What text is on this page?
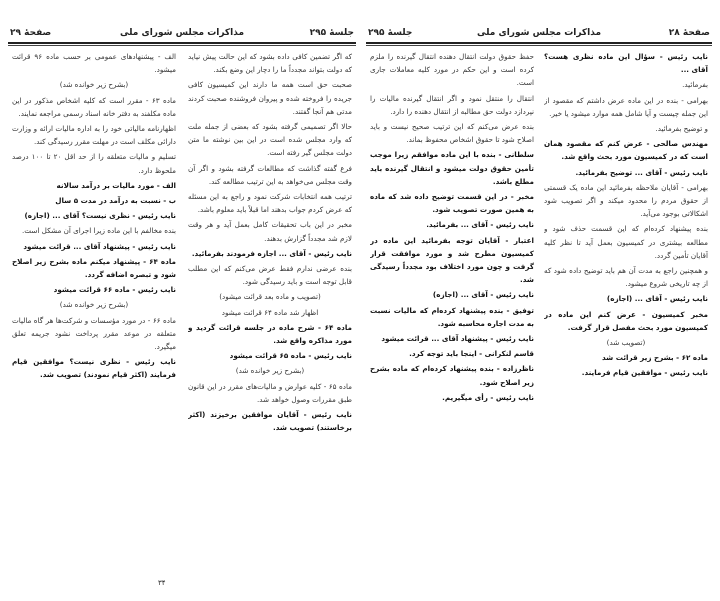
جلسهٔ ۲۹۵
مذاکرات مجلس شورای ملی
صفحهٔ ۲۹

که اگر تضمین کافی داده بشود که این حالت پیش نیاید که دولت بتواند مجدداً ما را دچار این وضع بکند.

صحبت حق است همه ما دارند این کمیسیون کافی جریده را فروخته شده و پیروان فروشنده صحبت کردند مدتی هم آنجا گفتند.

حالا اگر تصمیمی گرفته بشود که بعضی از جمله ملت که وارد مجلس شده است در این بین نوشته ما متن دولت مجلس گیر رفته است.

فرع گفته گذاشت که مطالعات گرفته بشود و اگر آن وقت مجلس می‌خواهد به این ترتیب مطالعه کند.

ترتیب همه انتخابات شرکت نمود و راجع به این مسئله که عرض کردم جواب بدهند اما قبلاً باید معلوم باشد.

مخبر در این باب تحقیقات کامل بعمل آید و هر وقت لازم شد مجدداً گزارش بدهند.

نایب رئیس - آقای ... اجازه فرمودند بفرمائید.

بنده عرضی ندارم فقط عرض می‌کنم که این مطلب قابل توجه است و باید رسیدگی شود.

(تصویب و ماده بعد قرائت میشود)

اظهار شد ماده ۶۴ قرائت میشود

ماده ۶۴ - شرح ماده در جلسه قرائت گردید و مورد مذاکره واقع شد.

نایب رئیس - ماده ۶۵ قرائت میشود

(بشرح زیر خوانده شد)

ماده ۶۵ - کلیه عوارض و مالیات‌های مقرر در این قانون طبق مقررات وصول خواهد شد.

نایب رئیس - آقایان موافقین برخیزند (اکثر برخاستند) تصویب شد.

الف - پیشنهادهای عمومی بر حسب ماده ۹۶ قرائت میشود.

(بشرح زیر خوانده شد)

ماده ۶۳ - مقرر است که کلیه اشخاص مذکور در این ماده مکلفند به دفتر خانه اسناد رسمی مراجعه نمایند.

اظهارنامه مالیاتی خود را به اداره مالیات ارائه و وزارت دارائی مکلف است در مهلت مقرر رسیدگی کند.

تسلیم و مالیات متعلقه را از حد اقل ۲۰ تا ۱۰۰ درصد ملحوظ دارد.

الف - مورد مالیات بر درآمد سالانه

ب - نسبت به درآمد در مدت ۵ سال

نایب رئیس - نظری نیست؟ آقای ... (اجازه)

بنده مخالفم با این ماده زیرا اجرای آن مشکل است.

نایب رئیس - پیشنهاد آقای ... قرائت میشود

ماده ۶۴ - پیشنهاد میکنم ماده بشرح زیر اصلاح شود و تبصره اضافه گردد.

نایب رئیس - ماده ۶۶ قرائت میشود

(بشرح زیر خوانده شد)

ماده ۶۶ - در مورد مؤسسات و شرکت‌ها هر گاه مالیات متعلقه در موعد مقرر پرداخت نشود جریمه تعلق میگیرد.

نایب رئیس - نظری نیست؟ موافقین قیام فرمایند (اکثر قیام نمودند) تصویب شد.

۳۴
جلسهٔ ۲۹۵	مذاکرات مجلس شورای ملی	صفحهٔ ۲۸

نایب رئیس - سؤال این ماده نظری هست؟ آقای ...

بفرمائید.

بهرامی - بنده در این ماده عرض داشتم که مقصود از این جمله چیست و آیا شامل همه موارد میشود یا خیر.

و توضیح بفرمائید.

مهندس صالحی - عرض کنم که مقصود همان است که در کمیسیون مورد بحث واقع شد.

نایب رئیس - آقای ... توضیح بفرمائید.

بهرامی - آقایان ملاحظه بفرمائید این ماده یک قسمتی از حقوق مردم را محدود میکند و اگر تصویب شود اشکالاتی بوجود می‌آید.

بنده پیشنهاد کرده‌ام که این قسمت حذف شود و مطالعه بیشتری در کمیسیون بعمل آید تا نظر کلیه آقایان تأمین گردد.

و همچنین راجع به مدت آن هم باید توضیح داده شود که از چه تاریخی شروع میشود.

نایب رئیس - آقای ... (اجازه)

مخبر کمیسیون - عرض کنم این ماده در کمیسیون مورد بحث مفصل قرار گرفت.

(تصویب شد)

ماده ۶۲ - بشرح زیر قرائت شد

نایب رئیس - موافقین قیام فرمایند.

حفظ حقوق دولت انتقال دهنده انتقال گیرنده را ملزم کرده است و این حکم در مورد کلیه معاملات جاری است.

انتقال را منتقل نمود و اگر انتقال گیرنده مالیات را نپردازد دولت حق مطالبه از انتقال دهنده را دارد.

بنده عرض می‌کنم که این ترتیب صحیح نیست و باید اصلاح شود تا حقوق اشخاص محفوظ بماند.

سلطانی - بنده با این ماده موافقم زیرا موجب تأمین حقوق دولت میشود و انتقال گیرنده باید مطلع باشد.

مخبر - در این قسمت توضیح داده شد که ماده به همین صورت تصویب شود.

نایب رئیس - آقای ... بفرمائید.

اعتبار - آقایان توجه بفرمائید این ماده در کمیسیون مطرح شد و مورد موافقت قرار گرفت و چون مورد اختلاف بود مجدداً رسیدگی شد.

نایب رئیس - آقای ... (اجازه)

توفیق - بنده پیشنهاد کرده‌ام که مالیات نسبت به مدت اجاره محاسبه شود.

نایب رئیس - پیشنهاد آقای ... قرائت میشود

قاسم لنکرانی - اینجا باید توجه کرد.

ناظرزاده - بنده پیشنهاد کرده‌ام که ماده بشرح زیر اصلاح شود.

نایب رئیس - رأی میگیریم.
